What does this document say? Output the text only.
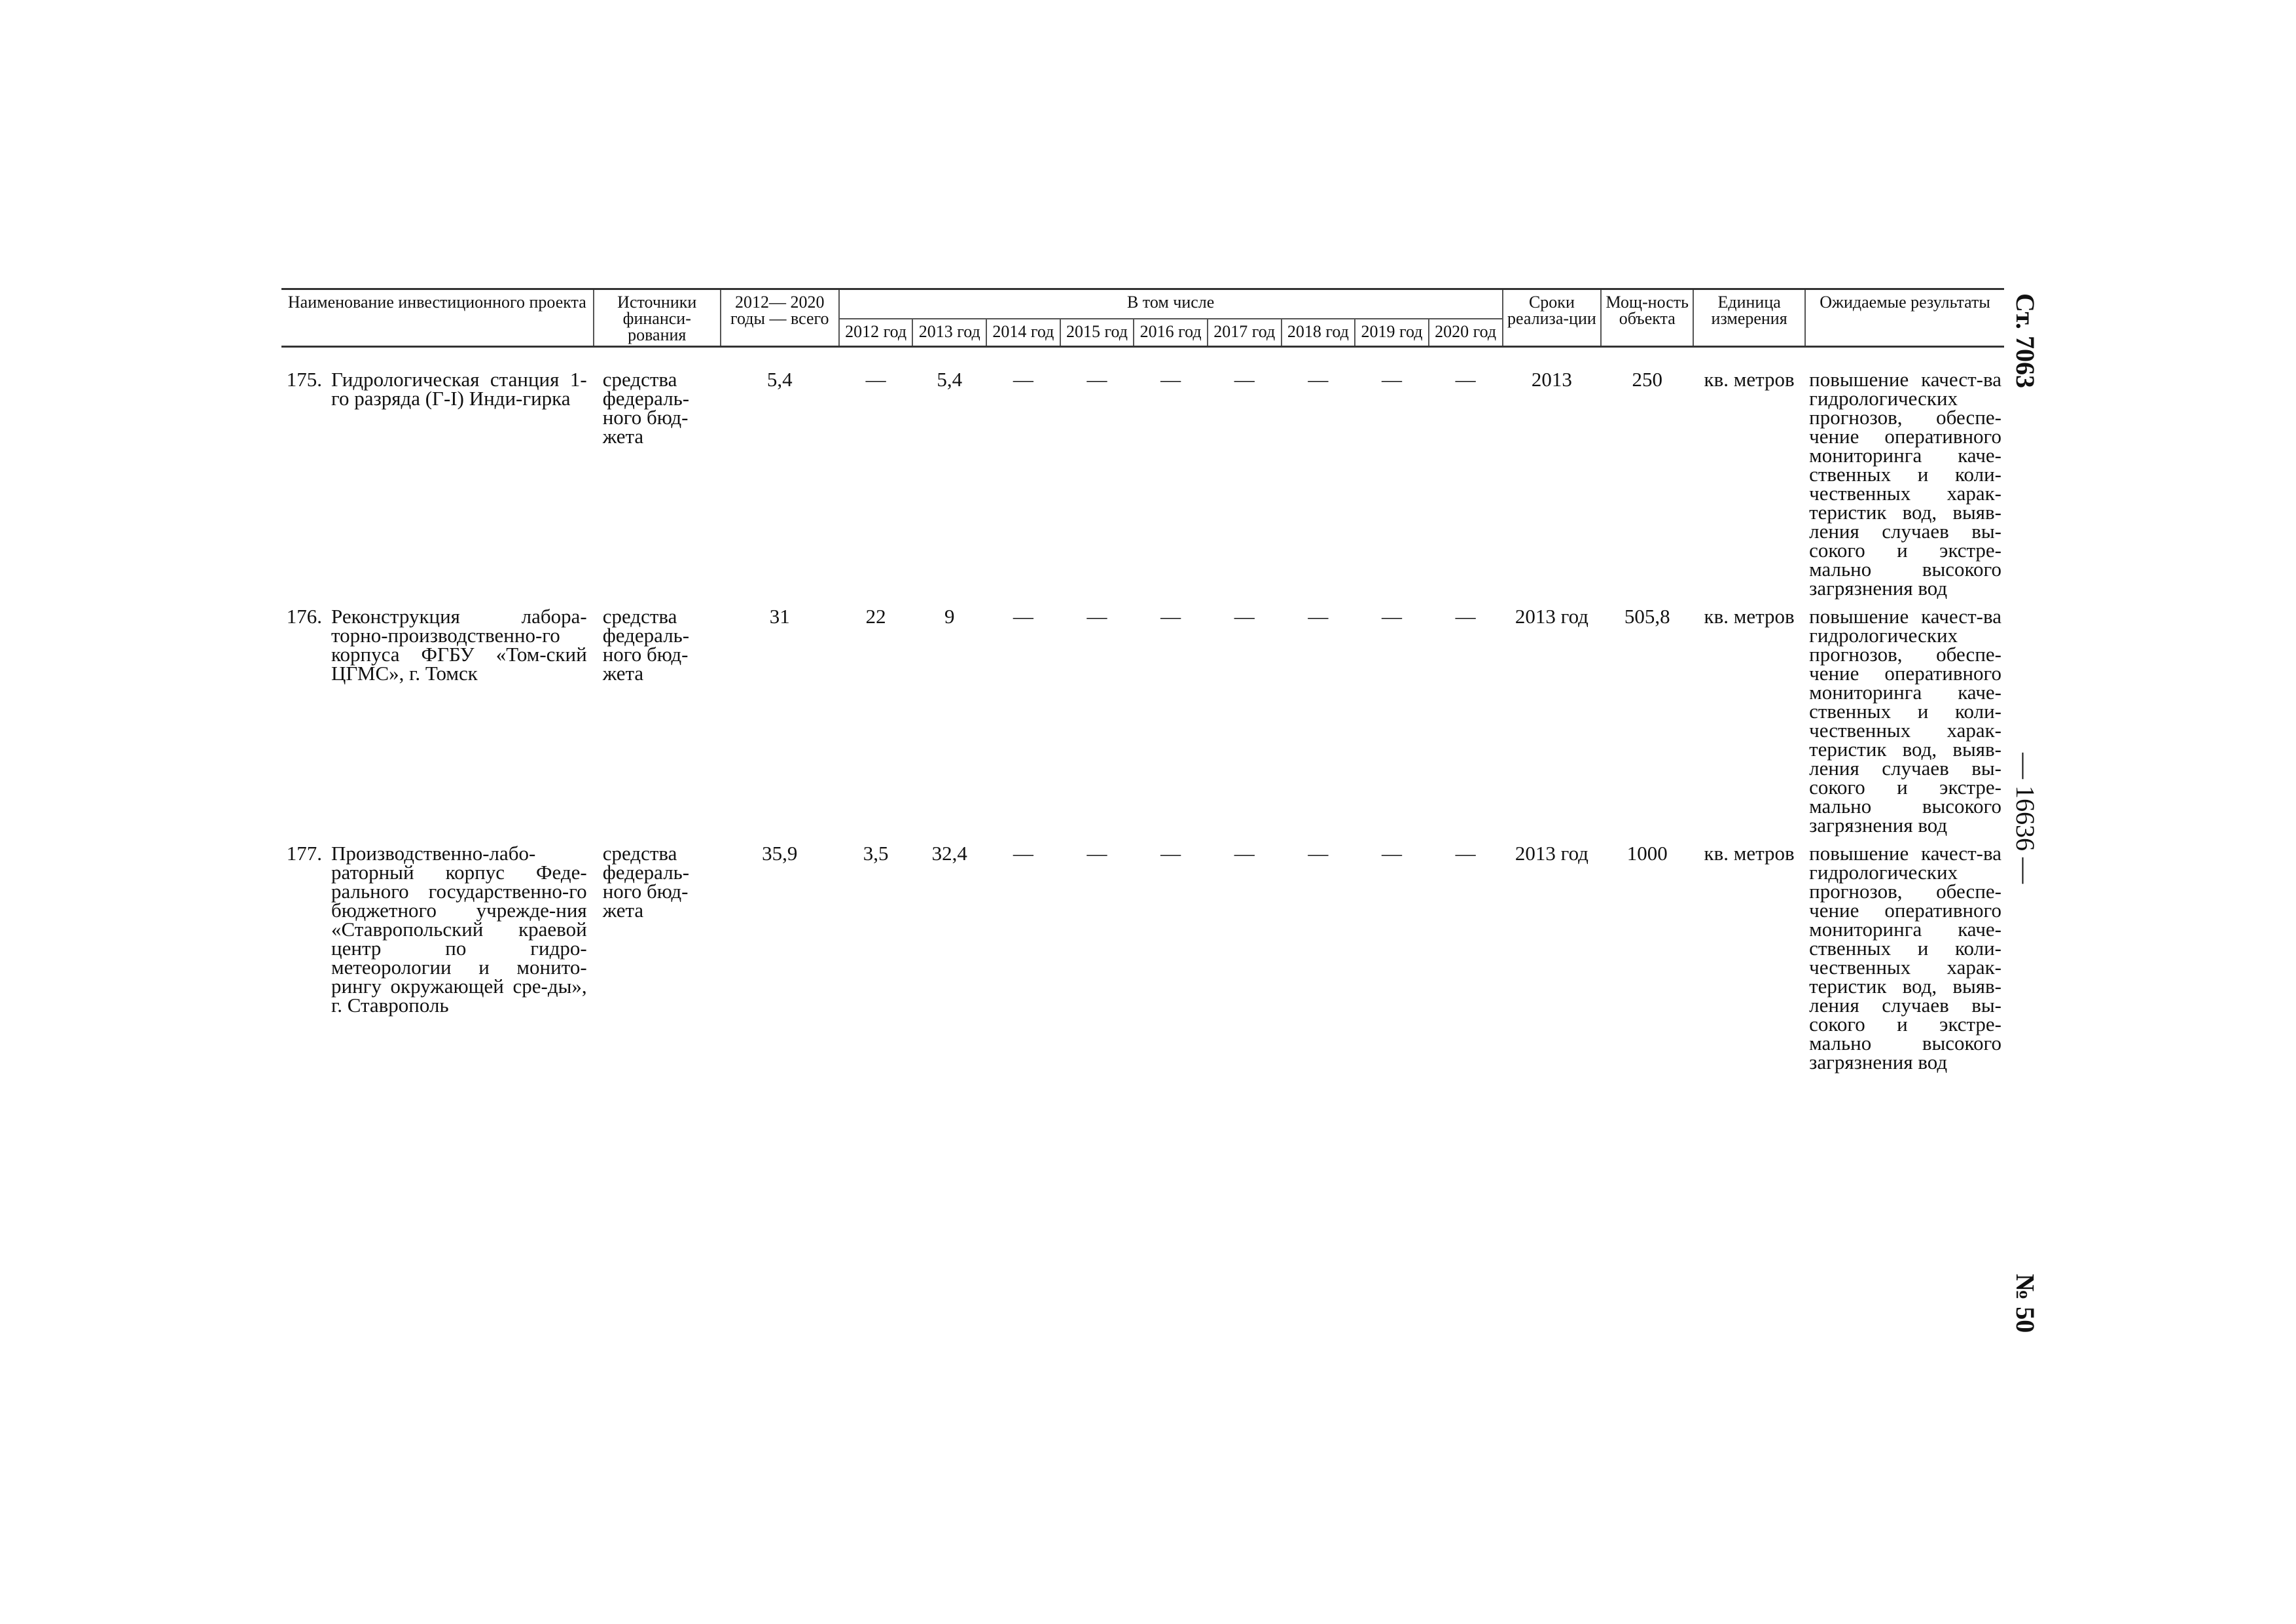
Наименование инвестиционного проекта	Источники финанси-рования	2012— 2020 годы — всего	В том числе									Сроки реализа-ции	Мощ-ность объекта	Единица измерения	Ожидаемые результаты
			2012 год	2013 год	2014 год	2015 год	2016 год	2017 год	2018 год	2019 год	2020 год				

175. Гидрологическая станция 1-го разряда (Г-I) Инди-гирка	средства федераль-ного бюд-жета	5,4	—	5,4	—	—	—	—	—	—	—	2013	250	кв. метров	повышение качест-ва гидрологических прогнозов, обеспе-чение оперативного мониторинга каче-ственных и коли-чественных харак-теристик вод, выяв-ления случаев вы-сокого и экстре-мально высокого загрязнения вод

176. Реконструкция лабора-торно-производственно-го корпуса ФГБУ «Том-ский ЦГМС», г. Томск	средства федераль-ного бюд-жета	31	22	9	—	—	—	—	—	—	—	2013 год	505,8	кв. метров	повышение качест-ва гидрологических прогнозов, обеспе-чение оперативного мониторинга каче-ственных и коли-чественных харак-теристик вод, выяв-ления случаев вы-сокого и экстре-мально высокого загрязнения вод

177. Производственно-лабо-раторный корпус Феде-рального государственно-го бюджетного учрежде-ния «Ставропольский краевой центр по гидро-метеорологии и монито-рингу окружающей сре-ды», г. Ставрополь	средства федераль-ного бюд-жета	35,9	3,5	32,4	—	—	—	—	—	—	—	2013 год	1000	кв. метров	повышение качест-ва гидрологических прогнозов, обеспе-чение оперативного мониторинга каче-ственных и коли-чественных харак-теристик вод, выяв-ления случаев вы-сокого и экстре-мально высокого загрязнения вод
Ст. 7063
— 16636 —
№ 50
